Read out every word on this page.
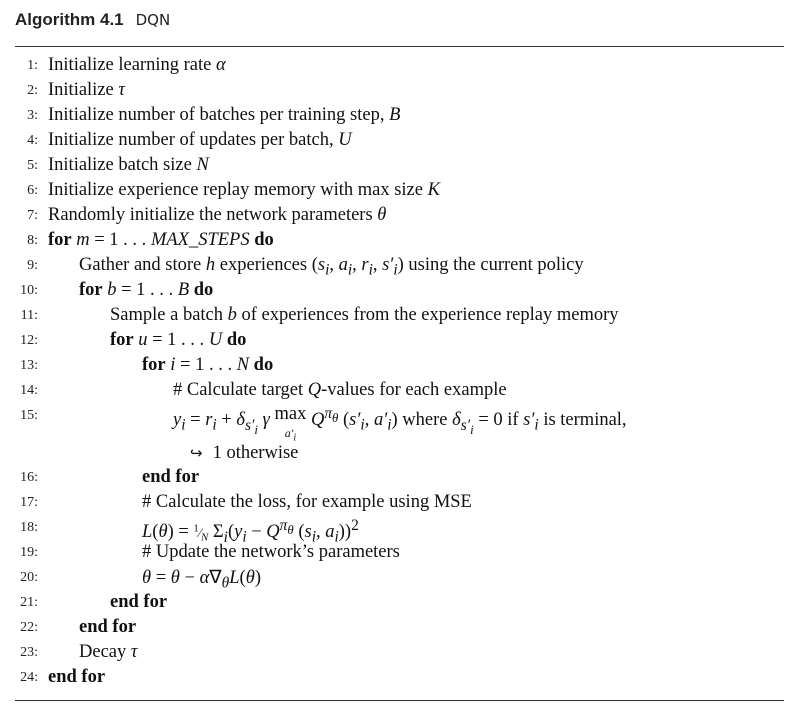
Algorithm 4.1 DQN
1: Initialize learning rate α
2: Initialize τ
3: Initialize number of batches per training step, B
4: Initialize number of updates per batch, U
5: Initialize batch size N
6: Initialize experience replay memory with max size K
7: Randomly initialize the network parameters θ
8: for m = 1 . . . MAX_STEPS do
9: Gather and store h experiences ($s_i$, $a_i$, $r_i$, $s'_i$) using the current policy
10: for b = 1 . . . B do
11:	Sample a batch b of experiences from the experience replay memory
12:	for u = 1 . . . U do
13:	for i = 1 . . . N do
14:	# Calculate target Q-values for each example
15:	$y_i = r_i + \delta_{s'_i}$ γ max
$a'_i$ $Q^{\pi_\theta}$ ($s'_i$, $a'_i$) where $\delta_{s'_i} = 0$ if $s'_i$ is terminal,
↪ 1 otherwise
16:	end for
17:	# Calculate the loss, for example using MSE
18:	$L(\theta) = ^1⁄_N$ $\Sigma_i(y_i - Q^{\pi_\theta}$ ($s_i$, $a_i))^2$
19:	# Update the network’s parameters
20:	$\theta = \theta - \alpha\nabla_\theta L(\theta)$
21:	end for
22: end for
23: Decay τ
24: end for
